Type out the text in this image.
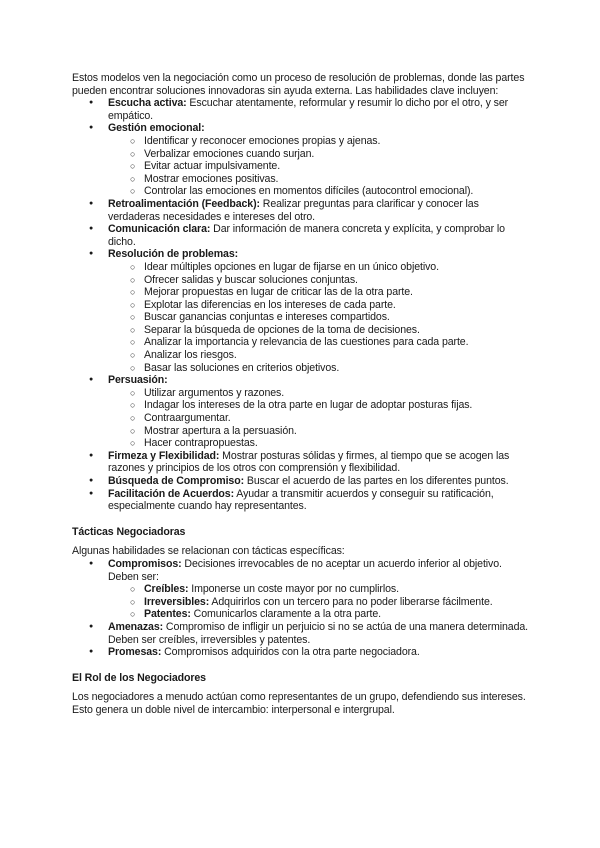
Estos modelos ven la negociación como un proceso de resolución de problemas, donde las partes pueden encontrar soluciones innovadoras sin ayuda externa. Las habilidades clave incluyen:

● Escucha activa: Escuchar atentamente, reformular y resumir lo dicho por el otro, y ser empático.
● Gestión emocional:
○ Identificar y reconocer emociones propias y ajenas.
○ Verbalizar emociones cuando surjan.
○ Evitar actuar impulsivamente.
○ Mostrar emociones positivas.
○ Controlar las emociones en momentos difíciles (autocontrol emocional).
● Retroalimentación (Feedback): Realizar preguntas para clarificar y conocer las verdaderas necesidades e intereses del otro.
● Comunicación clara: Dar información de manera concreta y explícita, y comprobar lo dicho.
● Resolución de problemas:
○ Idear múltiples opciones en lugar de fijarse en un único objetivo.
○ Ofrecer salidas y buscar soluciones conjuntas.
○ Mejorar propuestas en lugar de criticar las de la otra parte.
○ Explotar las diferencias en los intereses de cada parte.
○ Buscar ganancias conjuntas e intereses compartidos.
○ Separar la búsqueda de opciones de la toma de decisiones.
○ Analizar la importancia y relevancia de las cuestiones para cada parte.
○ Analizar los riesgos.
○ Basar las soluciones en criterios objetivos.
● Persuasión:
○ Utilizar argumentos y razones.
○ Indagar los intereses de la otra parte en lugar de adoptar posturas fijas.
○ Contraargumentar.
○ Mostrar apertura a la persuasión.
○ Hacer contrapropuestas.
● Firmeza y Flexibilidad: Mostrar posturas sólidas y firmes, al tiempo que se acogen las razones y principios de los otros con comprensión y flexibilidad.
● Búsqueda de Compromiso: Buscar el acuerdo de las partes en los diferentes puntos.
● Facilitación de Acuerdos: Ayudar a transmitir acuerdos y conseguir su ratificación, especialmente cuando hay representantes.
Tácticas Negociadoras

Algunas habilidades se relacionan con tácticas específicas:

● Compromisos: Decisiones irrevocables de no aceptar un acuerdo inferior al objetivo. Deben ser:
○ Creíbles: Imponerse un coste mayor por no cumplirlos.
○ Irreversibles: Adquirirlos con un tercero para no poder liberarse fácilmente.
○ Patentes: Comunicarlos claramente a la otra parte.
● Amenazas: Compromiso de infligir un perjuicio si no se actúa de una manera determinada. Deben ser creíbles, irreversibles y patentes.
● Promesas: Compromisos adquiridos con la otra parte negociadora.
El Rol de los Negociadores

Los negociadores a menudo actúan como representantes de un grupo, defendiendo sus intereses. Esto genera un doble nivel de intercambio: interpersonal e intergrupal.
